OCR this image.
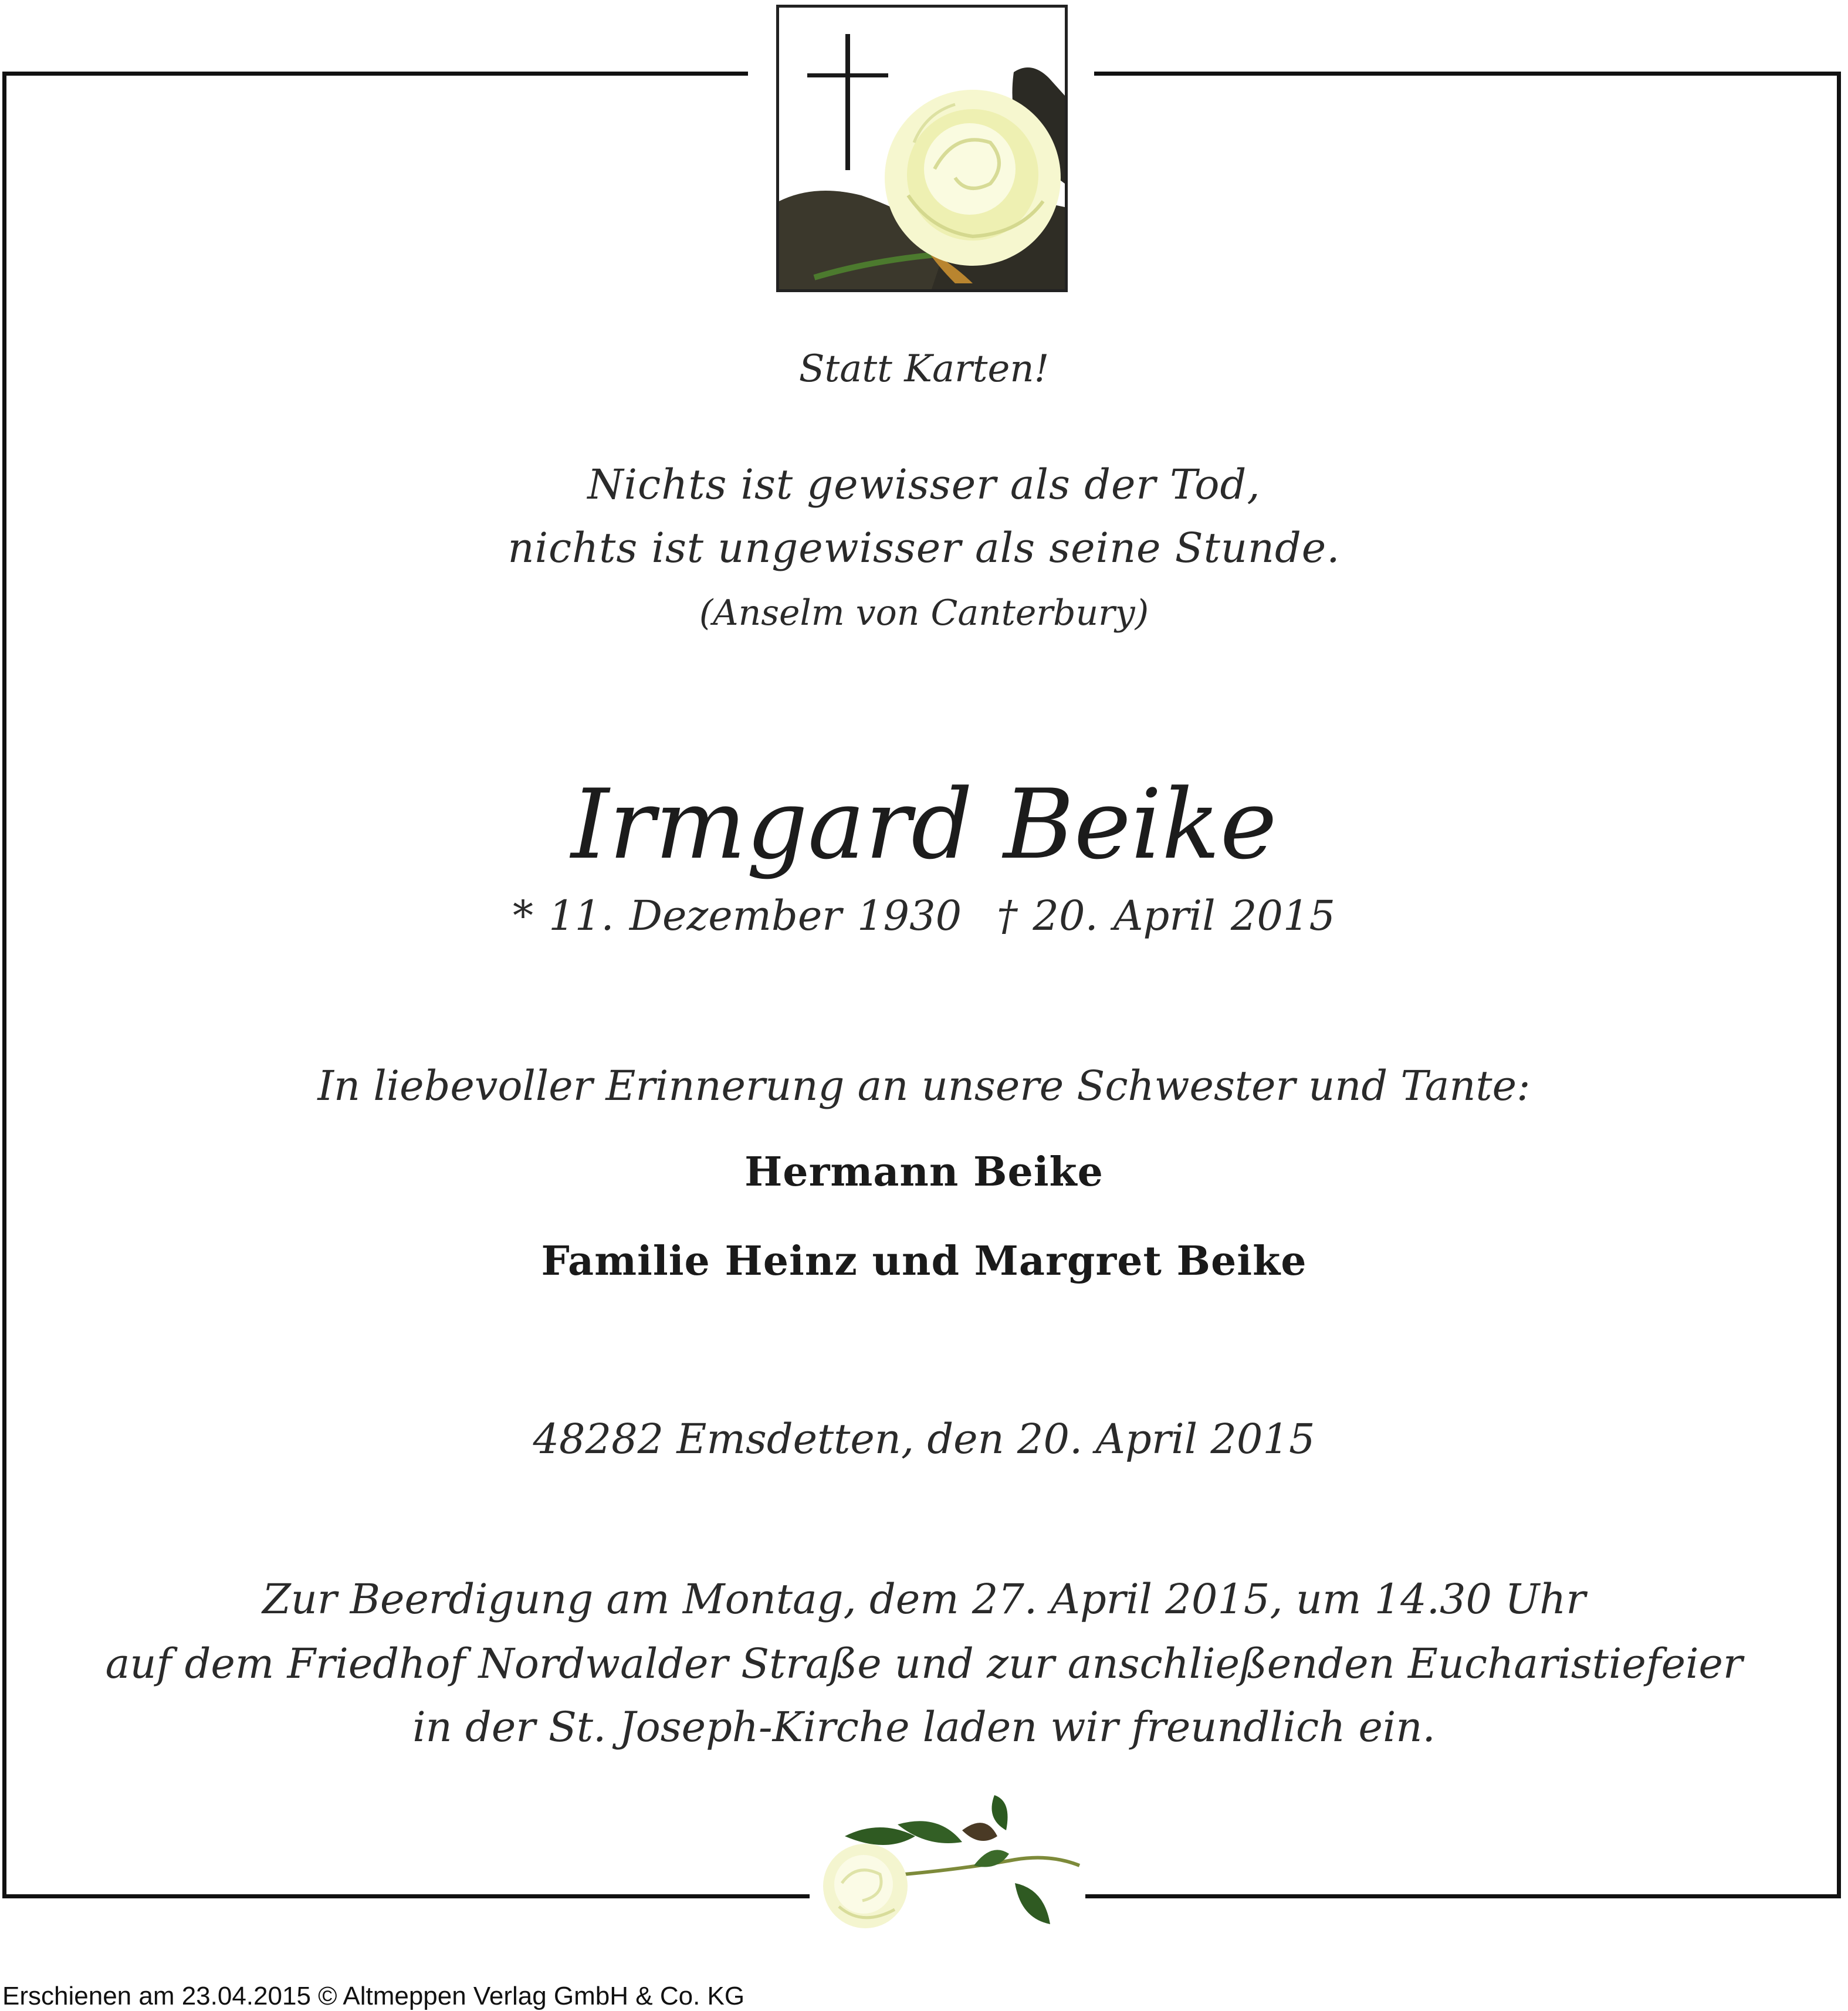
Statt Karten!
Nichts ist gewisser als der Tod,
nichts ist ungewisser als seine Stunde.
(Anselm von Canterbury)
Irmgard Beike
* 11. Dezember 1930 † 20. April 2015
In liebevoller Erinnerung an unsere Schwester und Tante:
Hermann Beike
Familie Heinz und Margret Beike
48282 Emsdetten, den 20. April 2015
Zur Beerdigung am Montag, dem 27. April 2015, um 14.30 Uhr
auf dem Friedhof Nordwalder Straße und zur anschließenden Eucharistiefeier
in der St. Joseph-Kirche laden wir freundlich ein.
Erschienen am 23.04.2015 © Altmeppen Verlag GmbH & Co. KG
